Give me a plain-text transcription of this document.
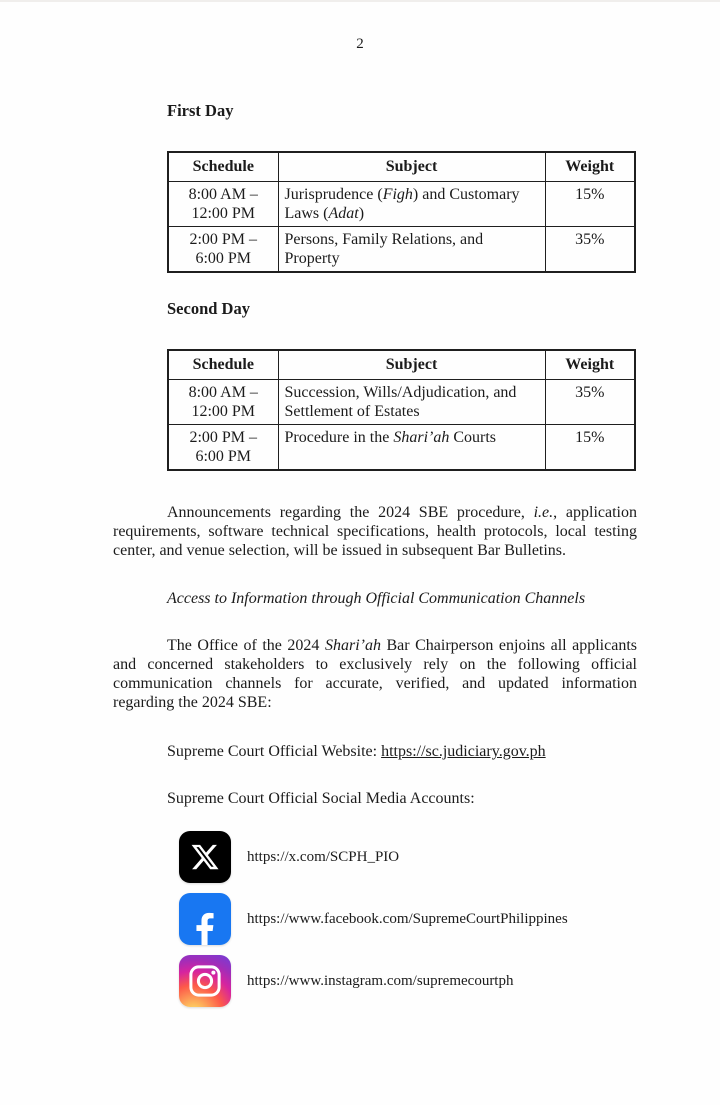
2
First Day
Schedule	Subject	Weight

8:00 AM –
12:00 PM	Jurisprudence (Figh) and Customary Laws (Adat)	15%

2:00 PM –
6:00 PM	Persons, Family Relations, and Property	35%
Second Day
Schedule	Subject	Weight

8:00 AM –
12:00 PM	Succession, Wills/Adjudication, and Settlement of Estates	35%

2:00 PM –
6:00 PM	Procedure in the Shari’ah Courts	15%

Announcements regarding the 2024 SBE procedure, i.e., application requirements, software technical specifications, health protocols, local testing center, and venue selection, will be issued in subsequent Bar Bulletins.

Access to Information through Official Communication Channels

The Office of the 2024 Shari’ah Bar Chairperson enjoins all applicants and concerned stakeholders to exclusively rely on the following official communication channels for accurate, verified, and updated information regarding the 2024 SBE:

Supreme Court Official Website: https://sc.judiciary.gov.ph
Supreme Court Official Social Media Accounts:
https://x.com/SCPH_PIO
https://www.facebook.com/SupremeCourtPhilippines
https://www.instagram.com/supremecourtph
